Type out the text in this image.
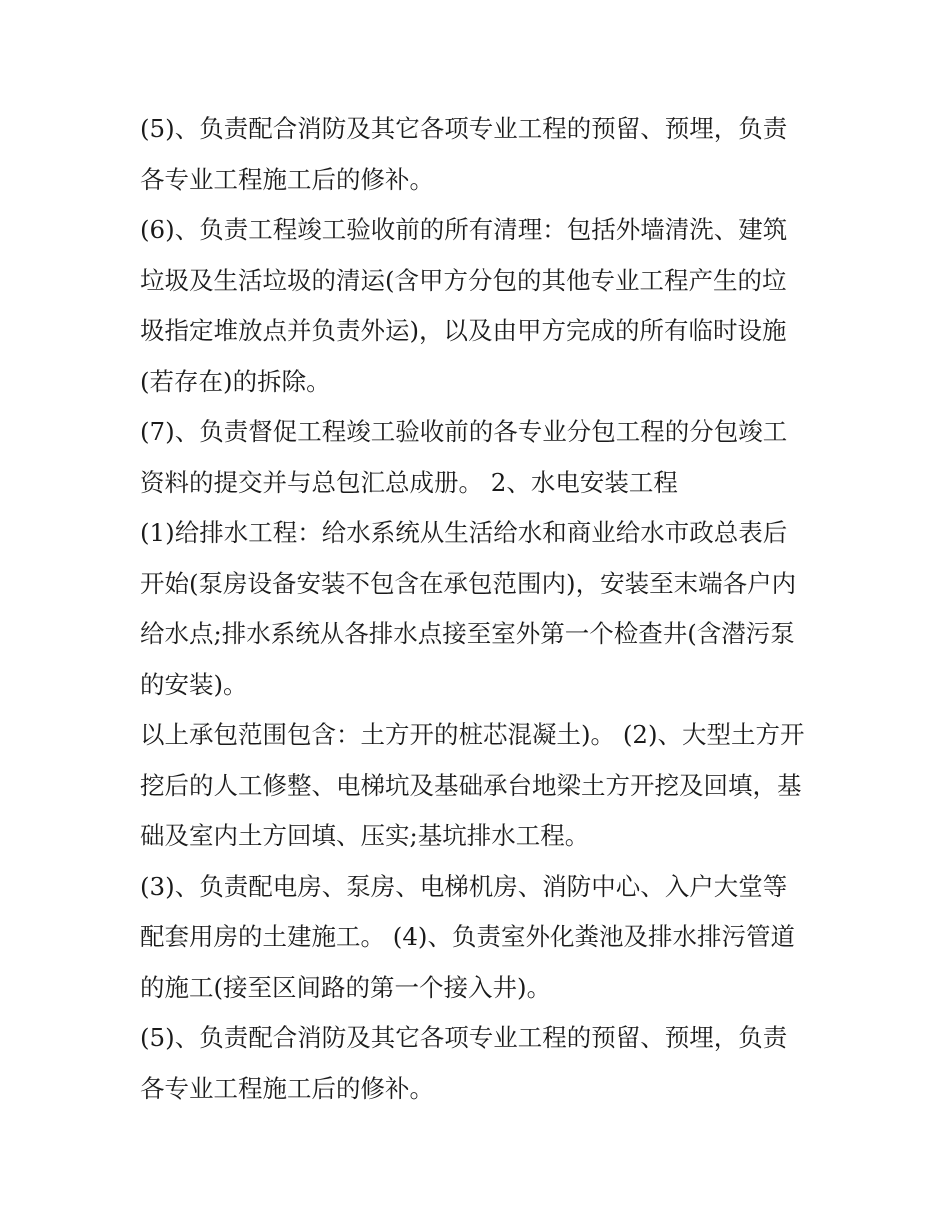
(5)、负责配合消防及其它各项专业工程的预留、预埋，负责
各专业工程施工后的修补。

(6)、负责工程竣工验收前的所有清理：包括外墙清洗、建筑
垃圾及生活垃圾的清运(含甲方分包的其他专业工程产生的垃
圾指定堆放点并负责外运)，以及由甲方完成的所有临时设施
(若存在)的拆除。

(7)、负责督促工程竣工验收前的各专业分包工程的分包竣工
资料的提交并与总包汇总成册。 2、水电安装工程

(1)给排水工程：给水系统从生活给水和商业给水市政总表后
开始(泵房设备安装不包含在承包范围内)，安装至末端各户内
给水点;排水系统从各排水点接至室外第一个检查井(含潜污泵
的安装)。

以上承包范围包含：土方开的桩芯混凝土)。 (2)、大型土方开
挖后的人工修整、电梯坑及基础承台地梁土方开挖及回填，基
础及室内土方回填、压实;基坑排水工程。

(3)、负责配电房、泵房、电梯机房、消防中心、入户大堂等
配套用房的土建施工。 (4)、负责室外化粪池及排水排污管道
的施工(接至区间路的第一个接入井)。

(5)、负责配合消防及其它各项专业工程的预留、预埋，负责
各专业工程施工后的修补。
